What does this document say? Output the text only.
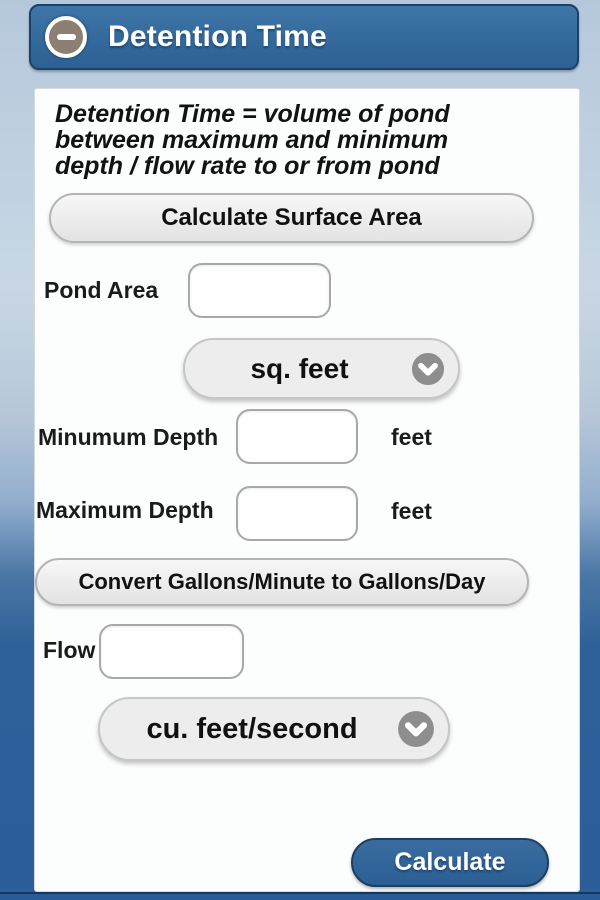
Detention Time
Detention Time = volume of pond
between maximum and minimum
depth / flow rate to or from pond
Calculate Surface Area
Pond Area
sq. feet
Minumum Depth	feet
Maximum Depth	feet
Convert Gallons/Minute to Gallons/Day
Flow
cu. feet/second
Calculate
